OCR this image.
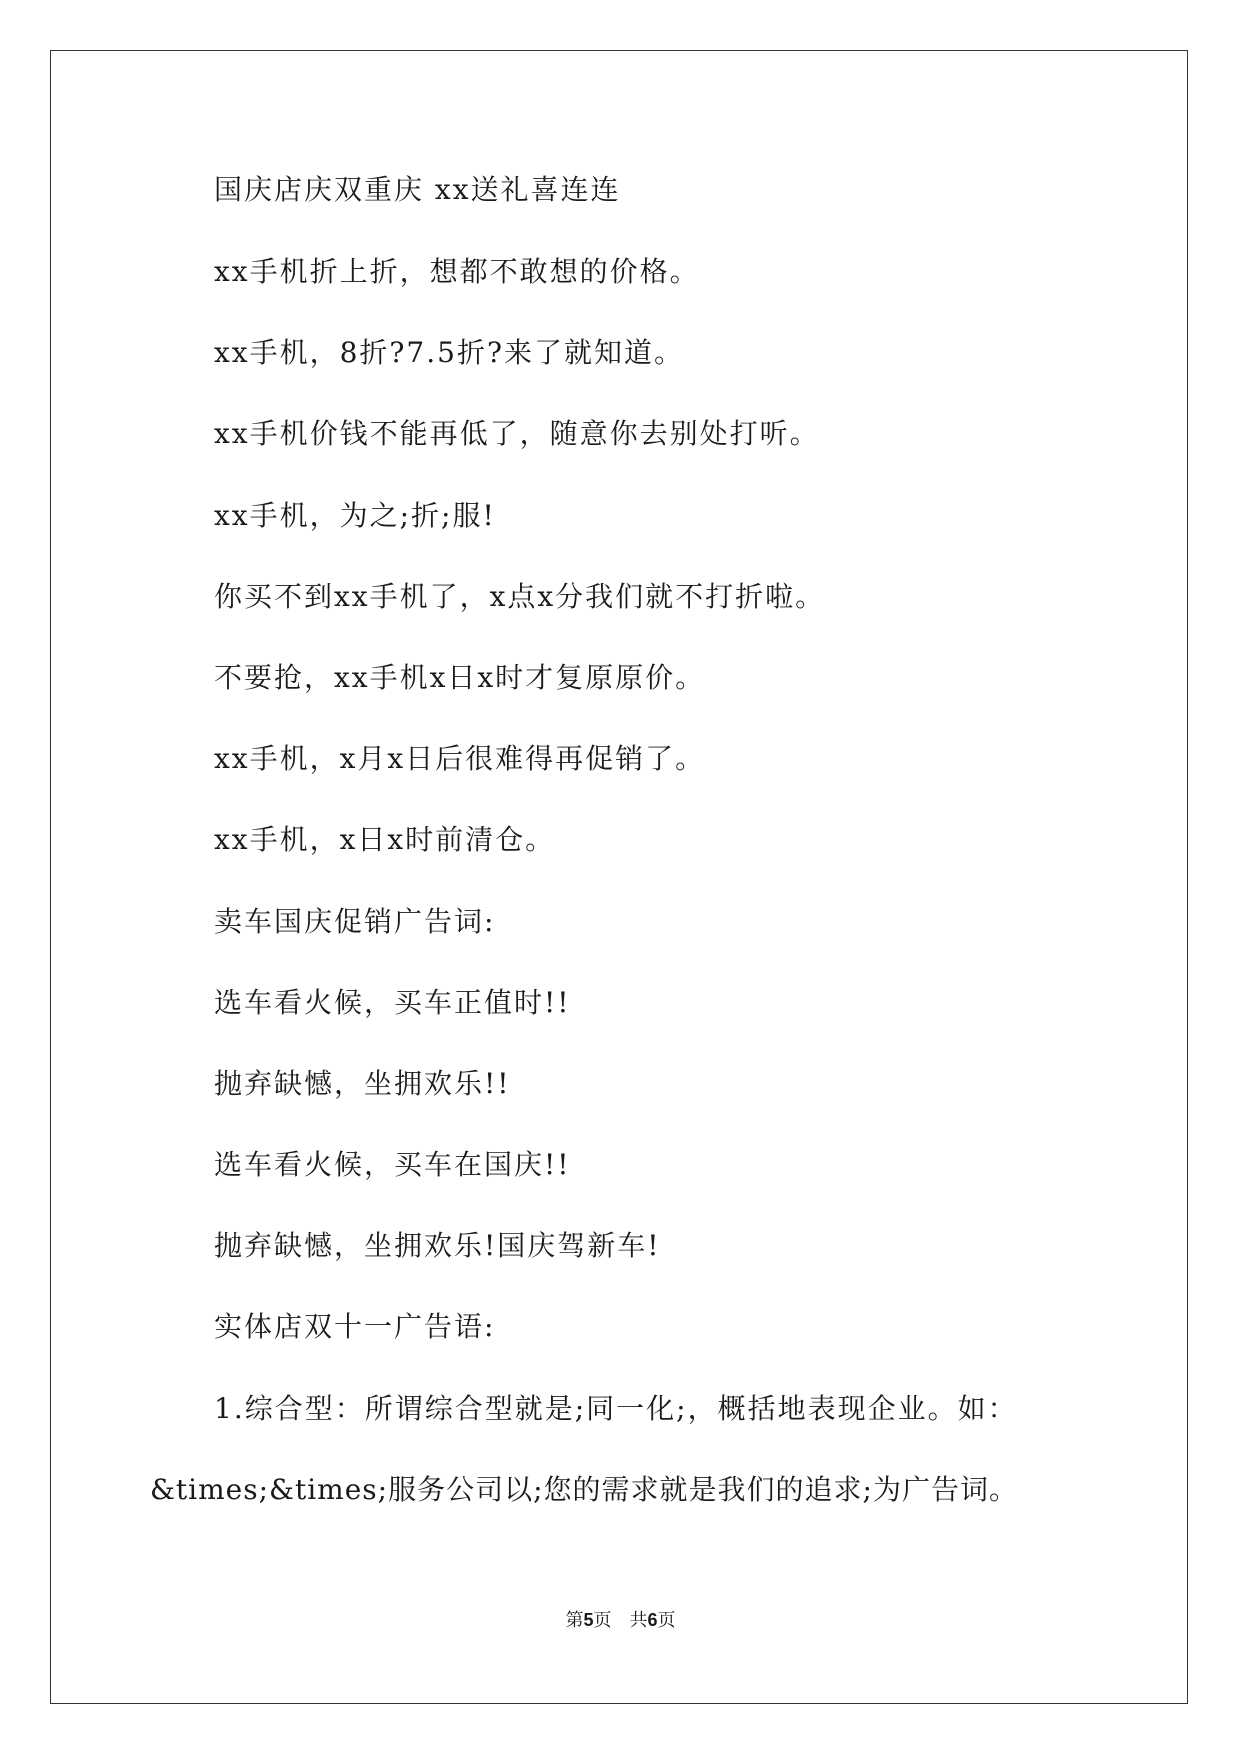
国庆店庆双重庆 xx送礼喜连连
xx手机折上折，想都不敢想的价格。
xx手机，8折?7.5折?来了就知道。
xx手机价钱不能再低了，随意你去别处打听。
xx手机，为之;折;服!
你买不到xx手机了，x点x分我们就不打折啦。
不要抢，xx手机x日x时才复原原价。
xx手机，x月x日后很难得再促销了。
xx手机，x日x时前清仓。
卖车国庆促销广告词:
选车看火候，买车正值时!!
抛弃缺憾，坐拥欢乐!!
选车看火候，买车在国庆!!
抛弃缺憾，坐拥欢乐!国庆驾新车!
实体店双十一广告语:
1.综合型：所谓综合型就是;同一化;，概括地表现企业。如：
&times;&times;服务公司以;您的需求就是我们的追求;为广告词。
第5页 共6页
